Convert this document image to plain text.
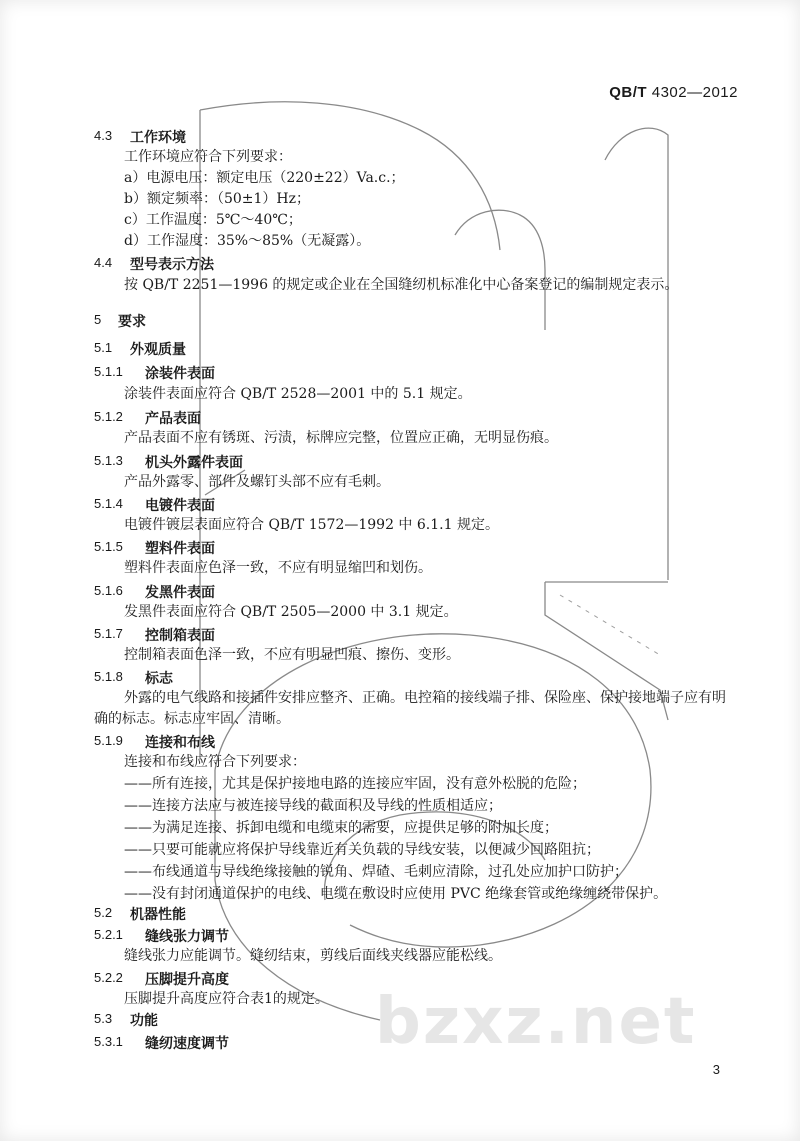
bzxz.net
QB/T 4302—2012
4.3 工作环境
工作环境应符合下列要求：
a）电源电压：额定电压（220±22）Va.c.；
b）额定频率：（50±1）Hz；
c）工作温度：5℃～40℃；
d）工作湿度：35%～85%（无凝露）。
4.4 型号表示方法
按 QB/T 2251—1996 的规定或企业在全国缝纫机标准化中心备案登记的编制规定表示。
5 要求
5.1 外观质量
5.1.1 涂装件表面
涂装件表面应符合 QB/T 2528—2001 中的 5.1 规定。
5.1.2 产品表面
产品表面不应有锈斑、污渍，标牌应完整，位置应正确，无明显伤痕。
5.1.3 机头外露件表面
产品外露零、部件及螺钉头部不应有毛刺。
5.1.4 电镀件表面
电镀件镀层表面应符合 QB/T 1572—1992 中 6.1.1 规定。
5.1.5 塑料件表面
塑料件表面应色泽一致，不应有明显缩凹和划伤。
5.1.6 发黑件表面
发黑件表面应符合 QB/T 2505—2000 中 3.1 规定。
5.1.7 控制箱表面
控制箱表面色泽一致，不应有明显凹痕、擦伤、变形。
5.1.8 标志
外露的电气线路和接插件安排应整齐、正确。电控箱的接线端子排、保险座、保护接地端子应有明
确的标志。标志应牢固、清晰。
5.1.9 连接和布线
连接和布线应符合下列要求：
——所有连接，尤其是保护接地电路的连接应牢固，没有意外松脱的危险；
——连接方法应与被连接导线的截面积及导线的性质相适应；
——为满足连接、拆卸电缆和电缆束的需要，应提供足够的附加长度；
——只要可能就应将保护导线靠近有关负载的导线安装，以便减少回路阻抗；
——布线通道与导线绝缘接触的锐角、焊碴、毛刺应清除，过孔处应加护口防护；
——没有封闭通道保护的电线、电缆在敷设时应使用 PVC 绝缘套管或绝缘缠绕带保护。
5.2 机器性能
5.2.1 缝线张力调节
缝线张力应能调节。缝纫结束，剪线后面线夹线器应能松线。
5.2.2 压脚提升高度
压脚提升高度应符合表1的规定。
5.3 功能
5.3.1 缝纫速度调节
3
